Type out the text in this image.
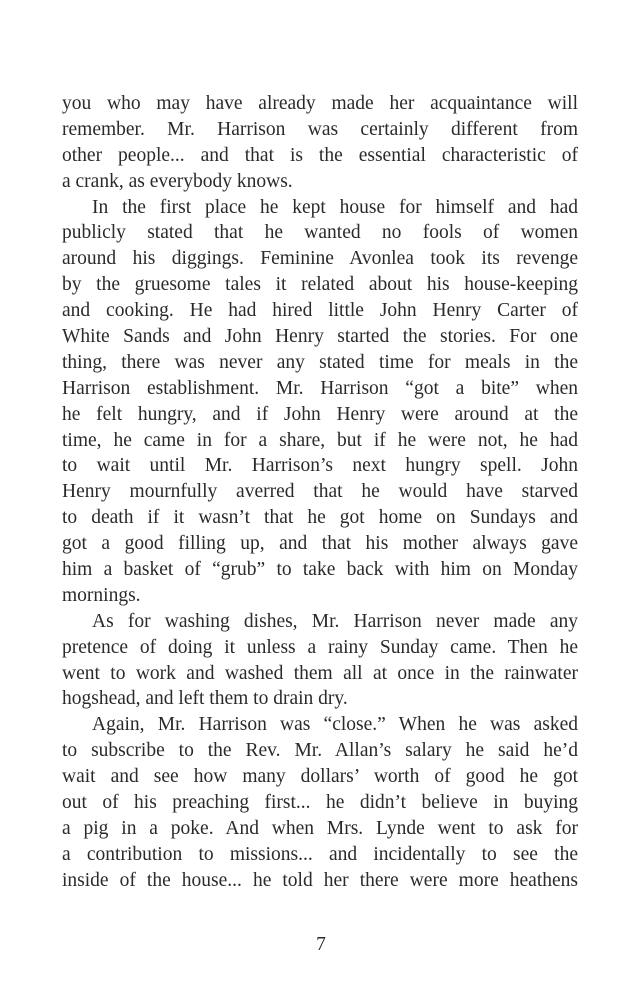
you who may have already made her acquaintance will
remember. Mr. Harrison was certainly different from
other people... and that is the essential characteristic of
a crank, as everybody knows.
In the first place he kept house for himself and had
publicly stated that he wanted no fools of women
around his diggings. Feminine Avonlea took its revenge
by the gruesome tales it related about his house-keeping
and cooking. He had hired little John Henry Carter of
White Sands and John Henry started the stories. For one
thing, there was never any stated time for meals in the
Harrison establishment. Mr. Harrison “got a bite” when
he felt hungry, and if John Henry were around at the
time, he came in for a share, but if he were not, he had
to wait until Mr. Harrison’s next hungry spell. John
Henry mournfully averred that he would have starved
to death if it wasn’t that he got home on Sundays and
got a good filling up, and that his mother always gave
him a basket of “grub” to take back with him on Monday
mornings.
As for washing dishes, Mr. Harrison never made any
pretence of doing it unless a rainy Sunday came. Then he
went to work and washed them all at once in the rainwater
hogshead, and left them to drain dry.
Again, Mr. Harrison was “close.” When he was asked
to subscribe to the Rev. Mr. Allan’s salary he said he’d
wait and see how many dollars’ worth of good he got
out of his preaching first... he didn’t believe in buying
a pig in a poke. And when Mrs. Lynde went to ask for
a contribution to missions... and incidentally to see the
inside of the house... he told her there were more heathens
7
